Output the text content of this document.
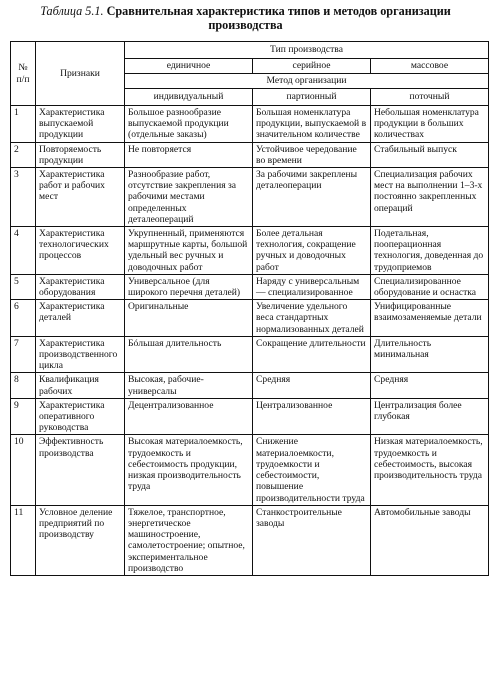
Таблица 5.1. Сравнительная характеристика типов и методов организации производства
№ п/п	Признаки	Тип производства		
		единичное	серийное	массовое
		Метод организации		
		индивидуальный	партионный	поточный
1	Характеристика выпускаемой продукции	Большое разнообразие выпускаемой продукции (отдельные заказы)	Большая номенклатура продукции, выпускаемой в значительном количестве	Небольшая номенклатура продукции в больших количествах
2	Повторяемость продукции	Не повторяется	Устойчивое чередование во времени	Стабильный выпуск
3	Характеристика работ и рабочих мест	Разнообразие работ, отсутствие закрепления за рабочими местами определенных деталеопераций	За рабочими закреплены деталеоперации	Специализация рабочих мест на выполнении 1–3-х постоянно закрепленных операций
4	Характеристика технологических процессов	Укрупненный, применяются маршрутные карты, большой удельный вес ручных и доводочных работ	Более детальная технология, сокращение ручных и доводочных работ	Подетальная, пооперационная технология, доведенная до трудоприемов
5	Характеристика оборудования	Универсальное (для широкого перечня деталей)	Наряду с универсальным — специализированное	Специализированное оборудование и оснастка
6	Характеристика деталей	Оригинальные	Увеличение удельного веса стандартных нормализованных деталей	Унифицированные взаимозаменяемые детали
7	Характеристика производственного цикла	Бóльшая длительность	Сокращение длительности	Длительность минимальная
8	Квалификация рабочих	Высокая, рабочие-универсалы	Средняя	Средняя
9	Характеристика оперативного руководства	Децентрализованное	Централизованное	Централизация более глубокая
10	Эффективность производства	Высокая материалоемкость, трудоемкость и себестоимость продукции, низкая производительность труда	Снижение материалоемкости, трудоемкости и себестоимости, повышение производительности труда	Низкая материалоемкость, трудоемкость и себестоимость, высокая производительность труда
11	Условное деление предприятий по производству	Тяжелое, транспортное, энергетическое машиностроение, самолетостроение; опытное, экспериментальное производство	Станкостроительные заводы	Автомобильные заводы
